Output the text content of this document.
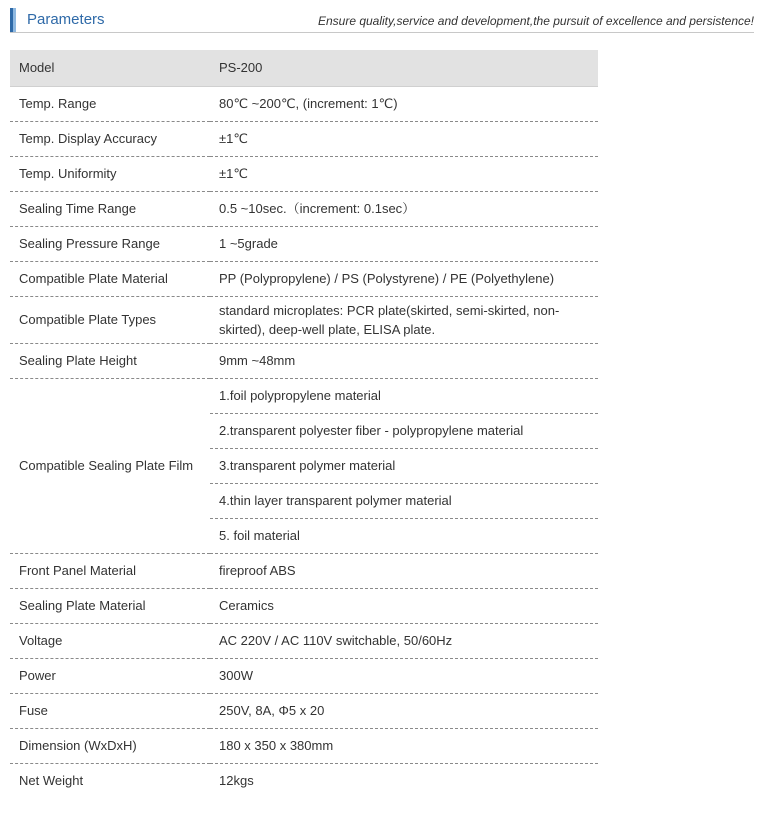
Parameters	Ensure quality,service and development,the pursuit of excellence and persistence!
Model	PS-200
Temp. Range	80℃ ~200℃, (increment: 1℃)
Temp. Display Accuracy	±1℃
Temp. Uniformity	±1℃
Sealing Time Range	0.5 ~10sec.（increment: 0.1sec）
Sealing Pressure Range	1 ~5grade
Compatible Plate Material	PP (Polypropylene) / PS (Polystyrene) / PE (Polyethylene)
Compatible Plate Types	standard microplates: PCR plate(skirted, semi-skirted, non-skirted), deep-well plate, ELISA plate.
Sealing Plate Height	9mm ~48mm
Compatible Sealing Plate Film	1.foil polypropylene material
	2.transparent polyester fiber - polypropylene material
	3.transparent polymer material
	4.thin layer transparent polymer material
	5. foil material
Front Panel Material	fireproof ABS
Sealing Plate Material	Ceramics
Voltage	AC 220V / AC 110V switchable, 50/60Hz
Power	300W
Fuse	250V, 8A, Φ5 x 20
Dimension (WxDxH)	180 x 350 x 380mm
Net Weight	12kgs
